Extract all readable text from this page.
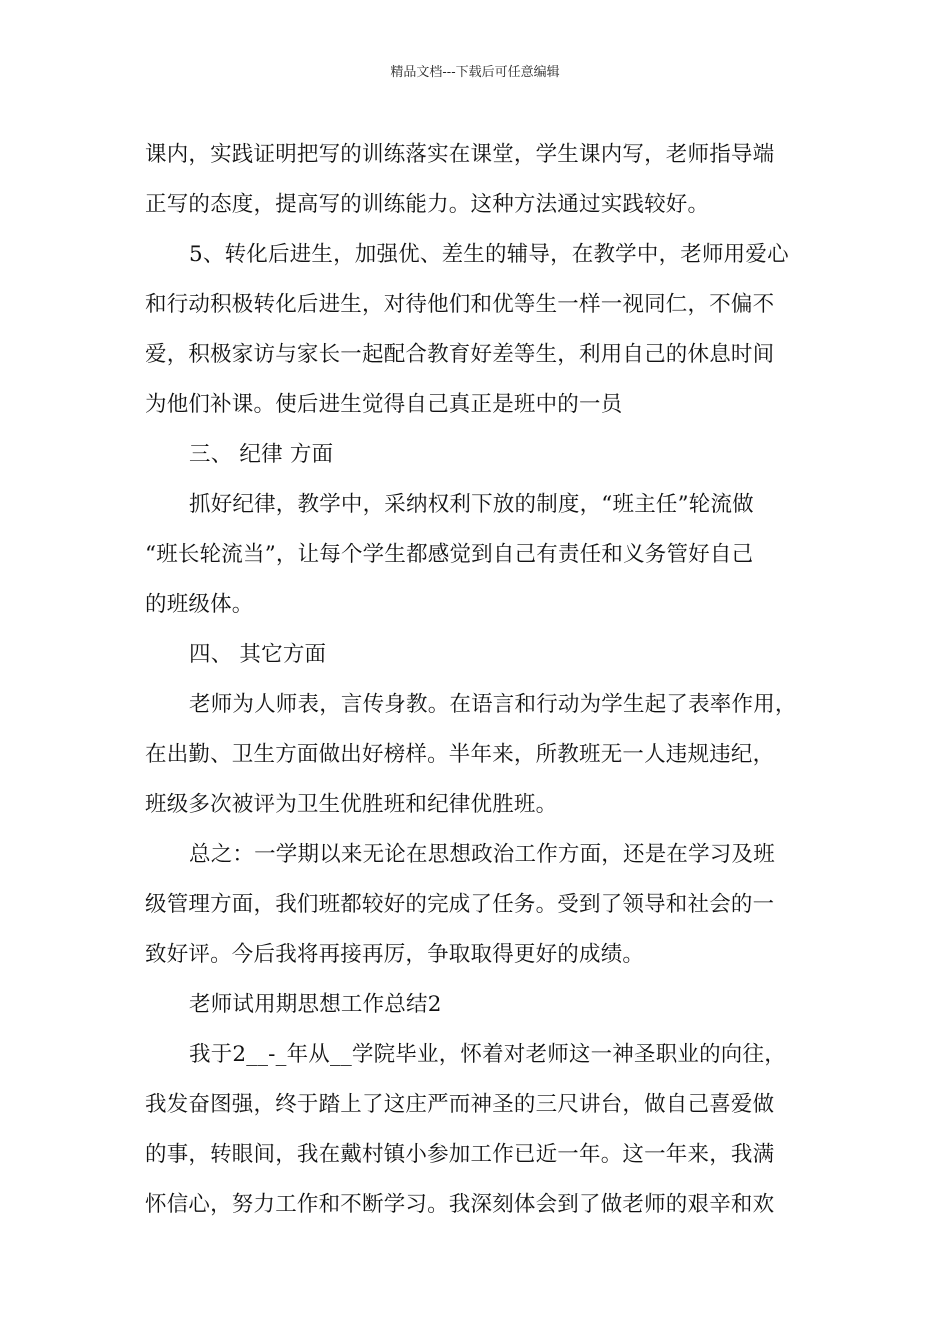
精品文档---下载后可任意编辑
课内，实践证明把写的训练落实在课堂，学生课内写，老师指导端
正写的态度，提高写的训练能力。这种方法通过实践较好。
5、转化后进生，加强优、差生的辅导，在教学中，老师用爱心
和行动积极转化后进生，对待他们和优等生一样一视同仁，不偏不
爱，积极家访与家长一起配合教育好差等生，利用自己的休息时间
为他们补课。使后进生觉得自己真正是班中的一员
三、 纪律 方面
抓好纪律，教学中，采纳权利下放的制度，“班主任”轮流做
“班长轮流当”，让每个学生都感觉到自己有责任和义务管好自己
的班级体。
四、 其它方面
老师为人师表，言传身教。在语言和行动为学生起了表率作用，
在出勤、卫生方面做出好榜样。半年来，所教班无一人违规违纪，
班级多次被评为卫生优胜班和纪律优胜班。
总之：一学期以来无论在思想政治工作方面，还是在学习及班
级管理方面，我们班都较好的完成了任务。受到了领导和社会的一
致好评。今后我将再接再厉，争取取得更好的成绩。
老师试用期思想工作总结2
我于2__-_年从__学院毕业，怀着对老师这一神圣职业的向往，
我发奋图强，终于踏上了这庄严而神圣的三尺讲台，做自己喜爱做
的事，转眼间，我在戴村镇小参加工作已近一年。这一年来，我满
怀信心，努力工作和不断学习。我深刻体会到了做老师的艰辛和欢
